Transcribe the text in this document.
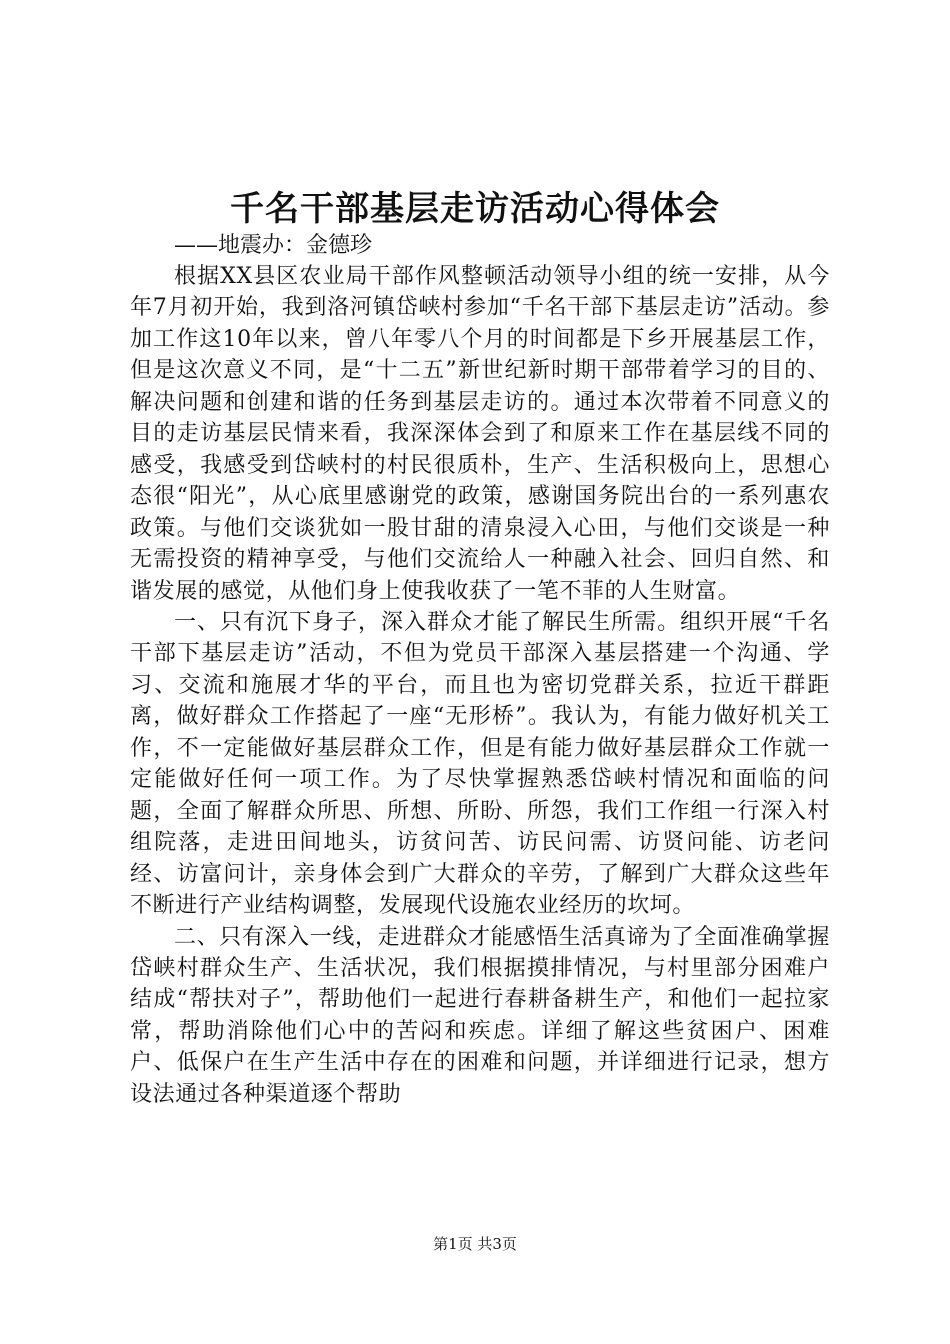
千名干部基层走访活动心得体会

——地震办：金德珍

根据XX县区农业局干部作风整顿活动领导小组的统一安排，从今年7月初开始，我到洛河镇岱峡村参加“千名干部下基层走访”活动。参加工作这10年以来，曾八年零八个月的时间都是下乡开展基层工作，但是这次意义不同，是“十二五”新世纪新时期干部带着学习的目的、解决问题和创建和谐的任务到基层走访的。通过本次带着不同意义的目的走访基层民情来看，我深深体会到了和原来工作在基层线不同的感受，我感受到岱峡村的村民很质朴，生产、生活积极向上，思想心态很“阳光”，从心底里感谢党的政策，感谢国务院出台的一系列惠农政策。与他们交谈犹如一股甘甜的清泉浸入心田，与他们交谈是一种无需投资的精神享受，与他们交流给人一种融入社会、回归自然、和谐发展的感觉，从他们身上使我收获了一笔不菲的人生财富。

一、只有沉下身子，深入群众才能了解民生所需。组织开展“千名干部下基层走访”活动，不但为党员干部深入基层搭建一个沟通、学习、交流和施展才华的平台，而且也为密切党群关系，拉近干群距离，做好群众工作搭起了一座“无形桥”。我认为，有能力做好机关工作，不一定能做好基层群众工作，但是有能力做好基层群众工作就一定能做好任何一项工作。为了尽快掌握熟悉岱峡村情况和面临的问题，全面了解群众所思、所想、所盼、所怨，我们工作组一行深入村组院落，走进田间地头，访贫问苦、访民问需、访贤问能、访老问经、访富问计，亲身体会到广大群众的辛劳，了解到广大群众这些年不断进行产业结构调整，发展现代设施农业经历的坎坷。

二、只有深入一线，走进群众才能感悟生活真谛为了全面准确掌握岱峡村群众生产、生活状况，我们根据摸排情况，与村里部分困难户结成“帮扶对子”，帮助他们一起进行春耕备耕生产，和他们一起拉家常，帮助消除他们心中的苦闷和疾虑。详细了解这些贫困户、困难户、低保户在生产生活中存在的困难和问题，并详细进行记录，想方设法通过各种渠道逐个帮助

第1页 共3页
